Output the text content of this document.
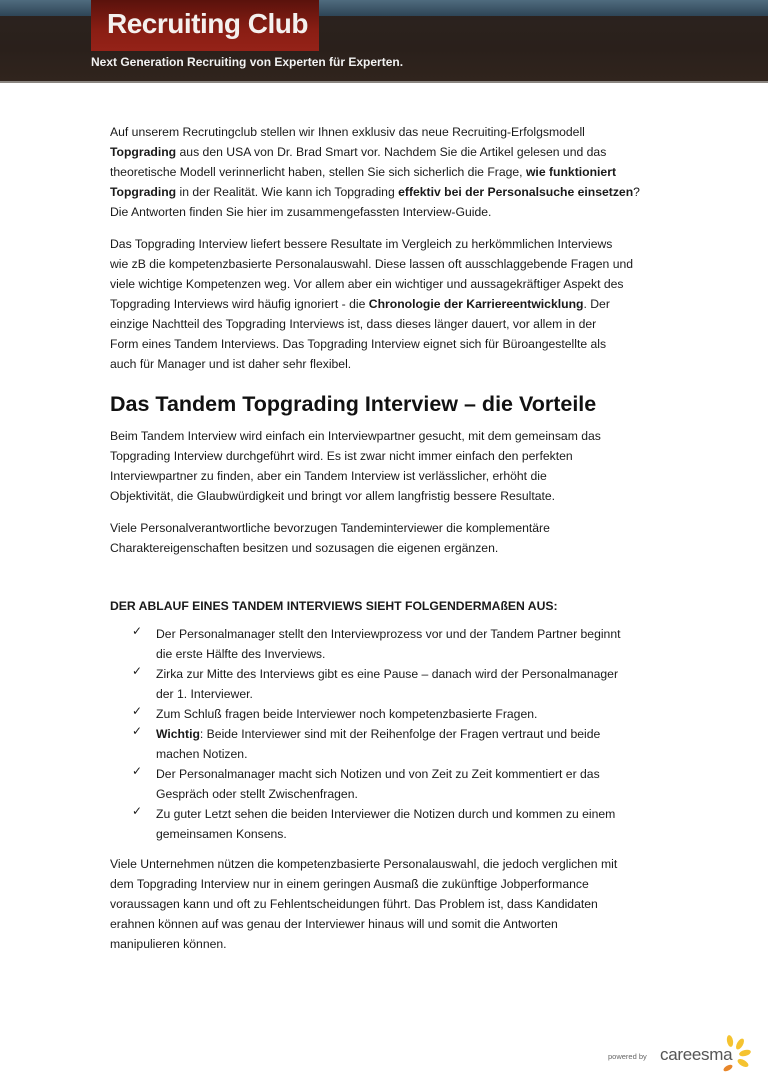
Recruiting Club
Next Generation Recruiting von Experten für Experten.
Auf unserem Recrutingclub stellen wir Ihnen exklusiv das neue Recruiting-Erfolgsmodell
Topgrading aus den USA von Dr. Brad Smart vor. Nachdem Sie die Artikel gelesen und das
theoretische Modell verinnerlicht haben, stellen Sie sich sicherlich die Frage, wie funktioniert
Topgrading in der Realität. Wie kann ich Topgrading effektiv bei der Personalsuche einsetzen?
Die Antworten finden Sie hier im zusammengefassten Interview-Guide.
Das Topgrading Interview liefert bessere Resultate im Vergleich zu herkömmlichen Interviews
wie zB die kompetenzbasierte Personalauswahl. Diese lassen oft ausschlaggebende Fragen und
viele wichtige Kompetenzen weg. Vor allem aber ein wichtiger und aussagekräftiger Aspekt des
Topgrading Interviews wird häufig ignoriert - die Chronologie der Karriereentwicklung. Der
einzige Nachtteil des Topgrading Interviews ist, dass dieses länger dauert, vor allem in der
Form eines Tandem Interviews. Das Topgrading Interview eignet sich für Büroangestellte als
auch für Manager und ist daher sehr flexibel.
Das Tandem Topgrading Interview – die Vorteile
Beim Tandem Interview wird einfach ein Interviewpartner gesucht, mit dem gemeinsam das
Topgrading Interview durchgeführt wird. Es ist zwar nicht immer einfach den perfekten
Interviewpartner zu finden, aber ein Tandem Interview ist verlässlicher, erhöht die
Objektivität, die Glaubwürdigkeit und bringt vor allem langfristig bessere Resultate.
Viele Personalverantwortliche bevorzugen Tandeminterviewer die komplementäre
Charaktereigenschaften besitzen und sozusagen die eigenen ergänzen.
DER ABLAUF EINES TANDEM INTERVIEWS SIEHT FOLGENDERMAßEN AUS:
✓	Der Personalmanager stellt den Interviewprozess vor und der Tandem Partner beginnt
die erste Hälfte des Inverviews.
✓	Zirka zur Mitte des Interviews gibt es eine Pause – danach wird der Personalmanager
der 1. Interviewer.
✓	Zum Schluß fragen beide Interviewer noch kompetenzbasierte Fragen.
✓	Wichtig: Beide Interviewer sind mit der Reihenfolge der Fragen vertraut und beide
machen Notizen.
✓	Der Personalmanager macht sich Notizen und von Zeit zu Zeit kommentiert er das
Gespräch oder stellt Zwischenfragen.
✓	Zu guter Letzt sehen die beiden Interviewer die Notizen durch und kommen zu einem
gemeinsamen Konsens.
Viele Unternehmen nützen die kompetenzbasierte Personalauswahl, die jedoch verglichen mit
dem Topgrading Interview nur in einem geringen Ausmaß die zukünftige Jobperformance
voraussagen kann und oft zu Fehlentscheidungen führt. Das Problem ist, dass Kandidaten
erahnen können auf was genau der Interviewer hinaus will und somit die Antworten
manipulieren können.
powered by careesma
